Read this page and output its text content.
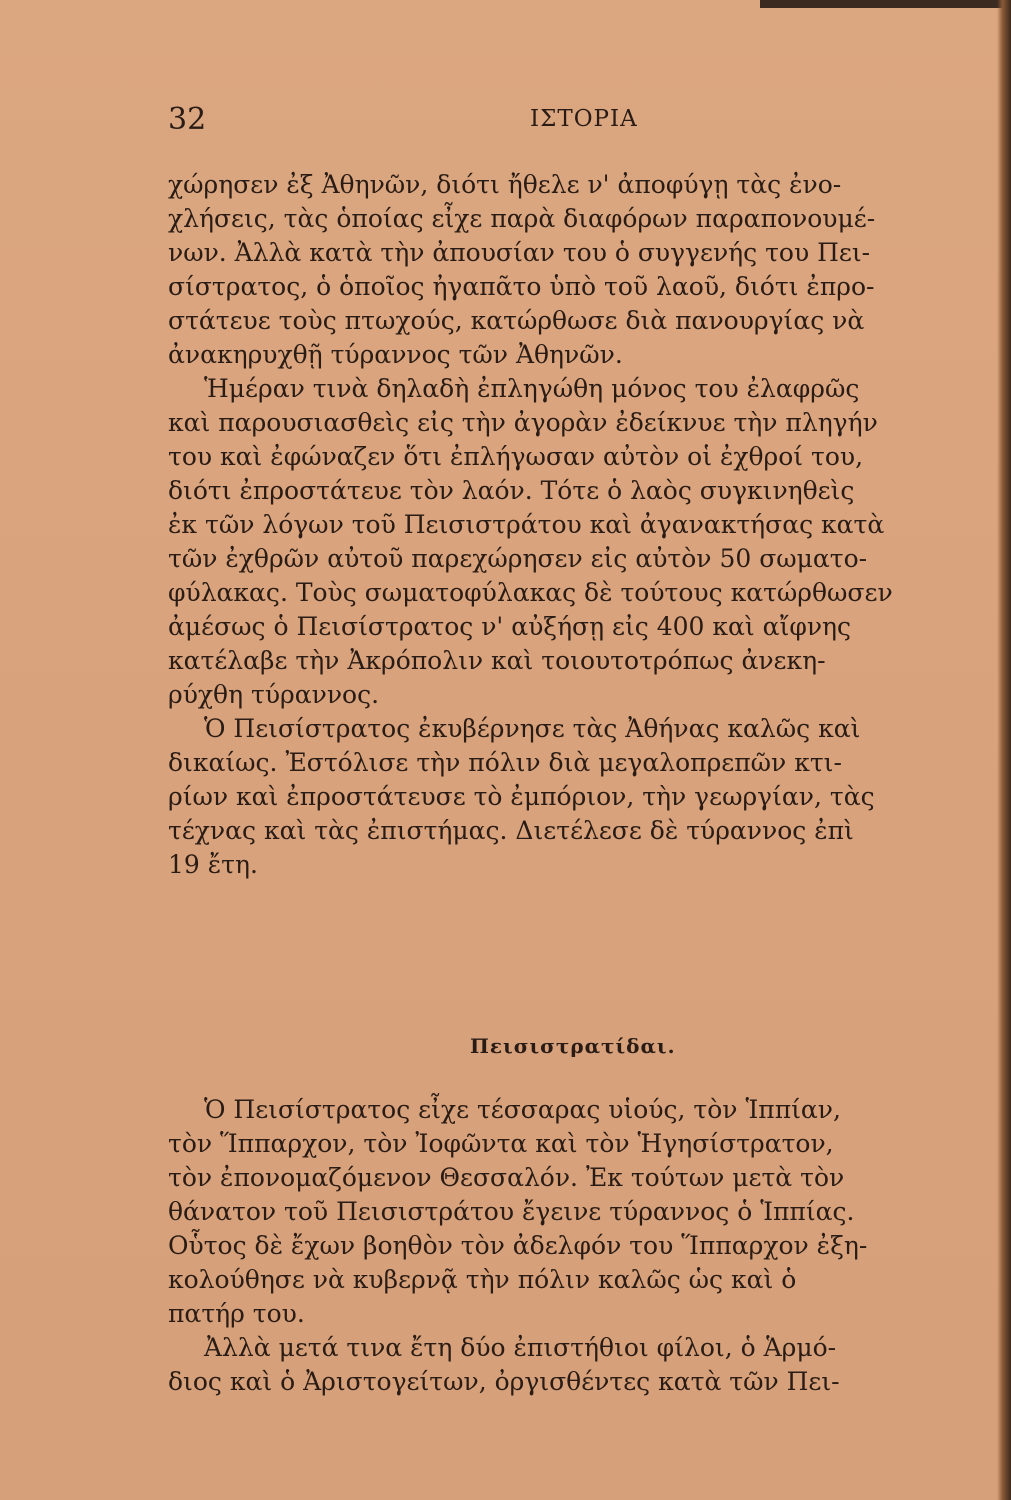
32	ΙΣΤΟΡΙΑ
χώρησεν ἐξ Ἀθηνῶν, διότι ἤθελε ν' ἀποφύγῃ τὰς ἐνο-
χλήσεις, τὰς ὁποίας εἶχε παρὰ διαφόρων παραπονουμέ-
νων. Ἀλλὰ κατὰ τὴν ἀπουσίαν του ὁ συγγενής του Πει-
σίστρατος, ὁ ὁποῖος ἠγαπᾶτο ὑπὸ τοῦ λαοῦ, διότι ἐπρο-
στάτευε τοὺς πτωχούς, κατώρθωσε διὰ πανουργίας νὰ
ἀνακηρυχθῇ τύραννος τῶν Ἀθηνῶν.
Ἡμέραν τινὰ δηλαδὴ ἐπληγώθη μόνος του ἐλαφρῶς
καὶ παρουσιασθεὶς εἰς τὴν ἀγορὰν ἐδείκνυε τὴν πληγήν
του καὶ ἐφώναζεν ὅτι ἐπλήγωσαν αὐτὸν οἱ ἐχθροί του,
διότι ἐπροστάτευε τὸν λαόν. Τότε ὁ λαὸς συγκινηθεὶς
ἐκ τῶν λόγων τοῦ Πεισιστράτου καὶ ἀγανακτήσας κατὰ
τῶν ἐχθρῶν αὐτοῦ παρεχώρησεν εἰς αὐτὸν 50 σωματο-
φύλακας. Τοὺς σωματοφύλακας δὲ τούτους κατώρθωσεν
ἀμέσως ὁ Πεισίστρατος ν' αὐξήσῃ εἰς 400 καὶ αἴφνης
κατέλαβε τὴν Ἀκρόπολιν καὶ τοιουτοτρόπως ἀνεκη-
ρύχθη τύραννος.
Ὁ Πεισίστρατος ἐκυβέρνησε τὰς Ἀθήνας καλῶς καὶ
δικαίως. Ἐστόλισε τὴν πόλιν διὰ μεγαλοπρεπῶν κτι-
ρίων καὶ ἐπροστάτευσε τὸ ἐμπόριον, τὴν γεωργίαν, τὰς
τέχνας καὶ τὰς ἐπιστήμας. Διετέλεσε δὲ τύραννος ἐπὶ
19 ἔτη.
Πεισιστρατίδαι.
Ὁ Πεισίστρατος εἶχε τέσσαρας υἱούς, τὸν Ἱππίαν,
τὸν Ἵππαρχον, τὸν Ἰοφῶντα καὶ τὸν Ἡγησίστρατον,
τὸν ἐπονομαζόμενον Θεσσαλόν. Ἐκ τούτων μετὰ τὸν
θάνατον τοῦ Πεισιστράτου ἔγεινε τύραννος ὁ Ἱππίας.
Οὗτος δὲ ἔχων βοηθὸν τὸν ἀδελφόν του Ἵππαρχον ἐξη-
κολούθησε νὰ κυβερνᾷ τὴν πόλιν καλῶς ὡς καὶ ὁ
πατήρ του.
Ἀλλὰ μετά τινα ἔτη δύο ἐπιστήθιοι φίλοι, ὁ Ἁρμό-
διος καὶ ὁ Ἀριστογείτων, ὀργισθέντες κατὰ τῶν Πει-
